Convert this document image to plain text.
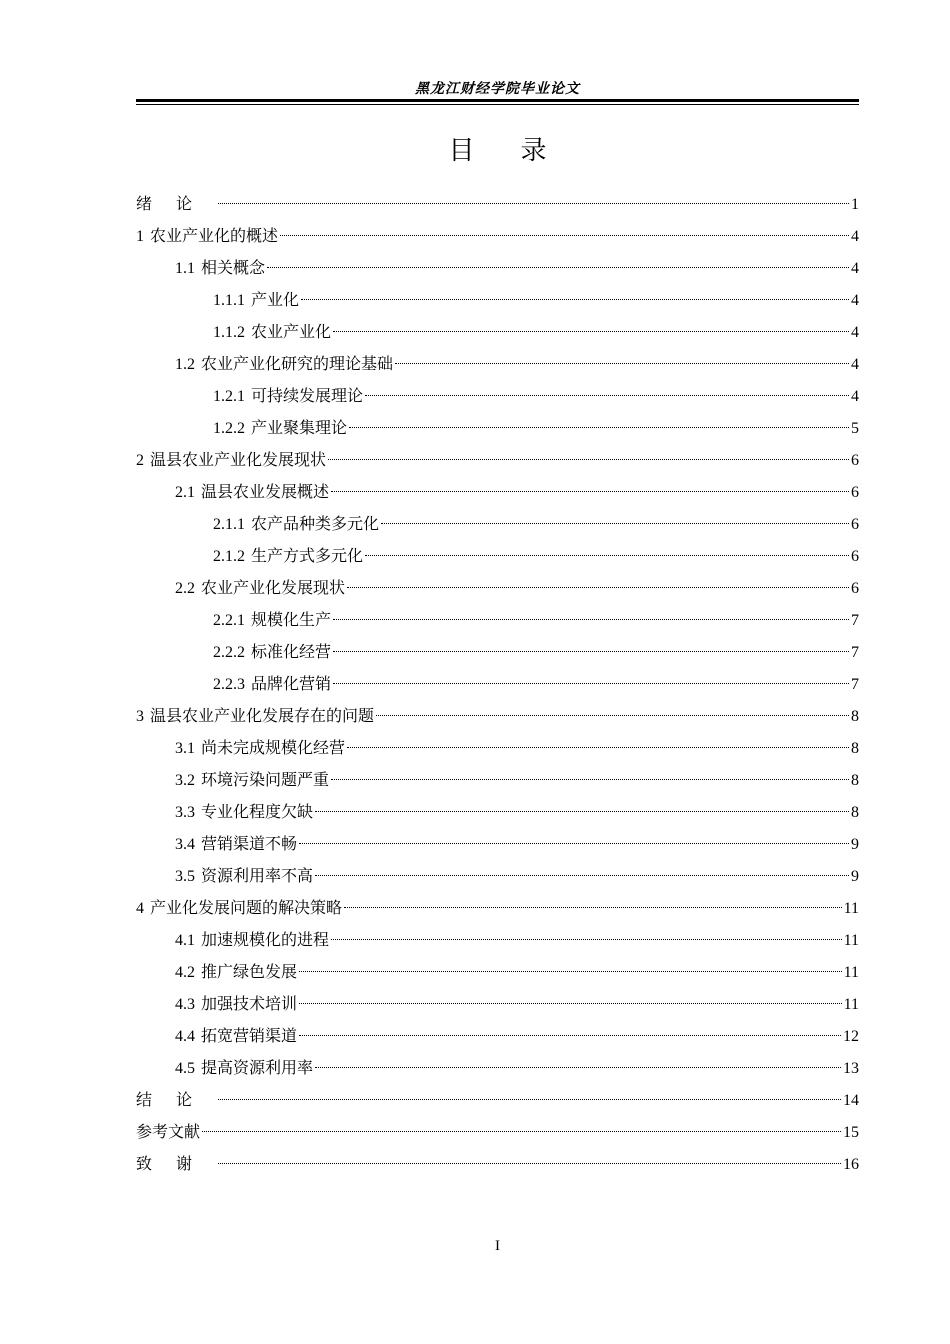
黑龙江财经学院毕业论文
目 录
绪论	1
1 农业产业化的概述	4
1.1 相关概念	4
1.1.1 产业化	4
1.1.2 农业产业化	4
1.2 农业产业化研究的理论基础	4
1.2.1 可持续发展理论	4
1.2.2 产业聚集理论	5
2 温县农业产业化发展现状	6
2.1 温县农业发展概述	6
2.1.1 农产品种类多元化	6
2.1.2 生产方式多元化	6
2.2 农业产业化发展现状	6
2.2.1 规模化生产	7
2.2.2 标准化经营	7
2.2.3 品牌化营销	7
3 温县农业产业化发展存在的问题	8
3.1 尚未完成规模化经营	8
3.2 环境污染问题严重	8
3.3 专业化程度欠缺	8
3.4 营销渠道不畅	9
3.5 资源利用率不高	9
4 产业化发展问题的解决策略	11
4.1 加速规模化的进程	11
4.2 推广绿色发展	11
4.3 加强技术培训	11
4.4 拓宽营销渠道	12
4.5 提高资源利用率	13
结论	14
参考文献	15
致谢	16
I
